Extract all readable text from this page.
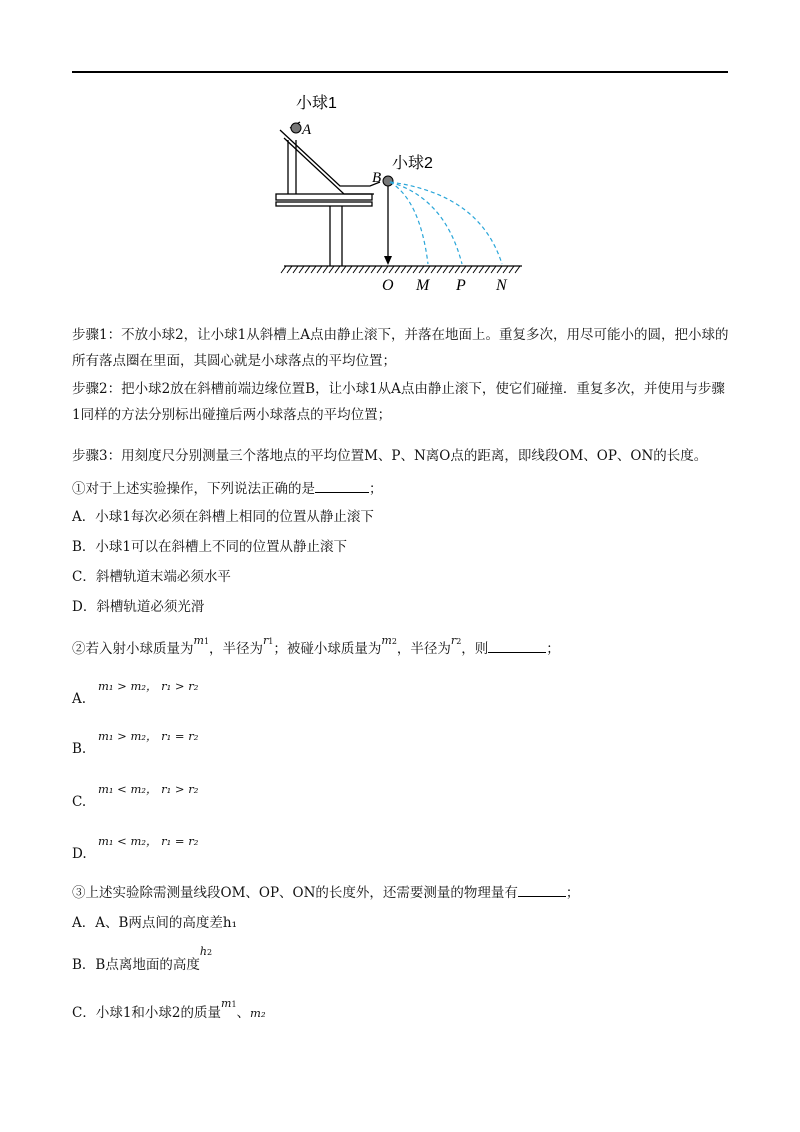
小球1
A
小球2
B
O M P N
步骤1：不放小球2，让小球1从斜槽上A点由静止滚下，并落在地面上。重复多次，用尽可能小的圆，把小球的所有落点圈在里面，其圆心就是小球落点的平均位置；
步骤2：把小球2放在斜槽前端边缘位置B，让小球1从A点由静止滚下，使它们碰撞．重复多次，并使用与步骤1同样的方法分别标出碰撞后两小球落点的平均位置；
步骤3：用刻度尺分别测量三个落地点的平均位置M、P、N离O点的距离，即线段OM、OP、ON的长度。
①对于上述实验操作，下列说法正确的是	；
A．小球1每次必须在斜槽上相同的位置从静止滚下
B．小球1可以在斜槽上不同的位置从静止滚下
C．斜槽轨道末端必须水平
D．斜槽轨道必须光滑
②若入射小球质量为$^{m1}$，半径为$^{r1}$；被碰小球质量为$^{m2}$，半径为$^{r2}$，则	；
A.
m₁ > m₂， r₁ > r₂
B.
m₁ > m₂， r₁ = r₂
C.
m₁ < m₂， r₁ > r₂
D.
m₁ < m₂， r₁ = r₂
③上述实验除需测量线段OM、OP、ON的长度外，还需要测量的物理量有	；
A．A、B两点间的高度差h₁
B．B点离地面的高度$^{h2}$
C．小球1和小球2的质量$^{m1}$、m₂
